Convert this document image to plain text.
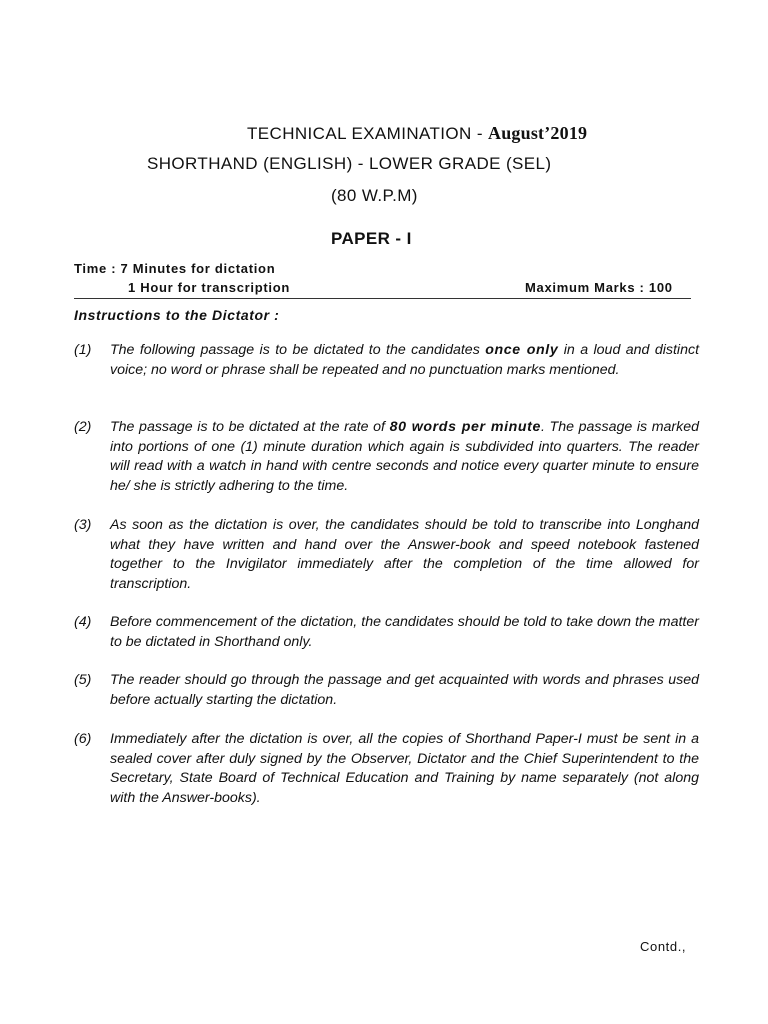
TECHNICAL EXAMINATION - August’2019
SHORTHAND (ENGLISH) - LOWER GRADE (SEL)
(80 W.P.M)
PAPER - I
Time : 7 Minutes for dictation
1 Hour for transcription	Maximum Marks : 100
Instructions to the Dictator :
(1)	The following passage is to be dictated to the candidates once only in a loud and distinct voice; no word or phrase shall be repeated and no punctuation marks mentioned.
(2)	The passage is to be dictated at the rate of 80 words per minute. The passage is marked into portions of one (1) minute duration which again is subdivided into quarters. The reader will read with a watch in hand with centre seconds and notice every quarter minute to ensure he/ she is strictly adhering to the time.
(3)	As soon as the dictation is over, the candidates should be told to transcribe into Longhand what they have written and hand over the Answer-book and speed notebook fastened together to the Invigilator immediately after the completion of the time allowed for transcription.
(4)	Before commencement of the dictation, the candidates should be told to take down the matter to be dictated in Shorthand only.
(5)	The reader should go through the passage and get acquainted with words and phrases used before actually starting the dictation.
(6)	Immediately after the dictation is over, all the copies of Shorthand Paper-I must be sent in a sealed cover after duly signed by the Observer, Dictator and the Chief Superintendent to the Secretary, State Board of Technical Education and Training by name separately (not along with the Answer-books).
Contd.,
